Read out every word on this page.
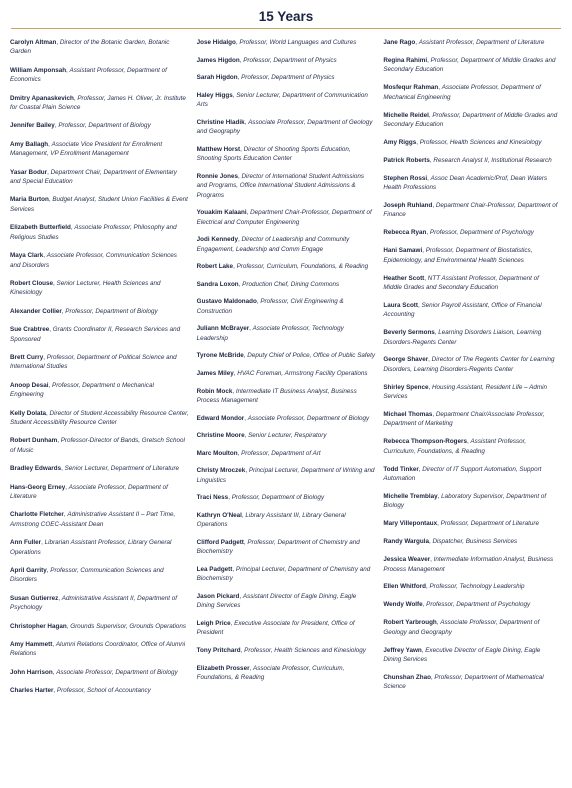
15 Years

Carolyn Altman, Director of the Botanic Garden, Botanic Garden

William Amponsah, Assistant Professor, Department of Economics

Dmitry Apanaskevich, Professor, James H. Oliver, Jr. Institute for Coastal Plain Science

Jennifer Bailey, Professor, Department of Biology

Amy Ballagh, Associate Vice President for Enrollment Management, VP Enrollment Management

Yasar Bodur, Department Chair, Department of Elementary and Special Education

Maria Burton, Budget Analyst, Student Union Facilities & Event Services

Elizabeth Butterfield, Associate Professor, Philosophy and Religious Studies

Maya Clark, Associate Professor, Communication Sciences and Disorders

Robert Clouse, Senior Lecturer, Health Sciences and Kinesiology

Alexander Collier, Professor, Department of Biology

Sue Crabtree, Grants Coordinator II, Research Services and Sponsored

Brett Curry, Professor, Department of Political Science and International Studies

Anoop Desai, Professor, Department o Mechanical Engineering

Kelly Dolata, Director of Student Accessibility Resource Center, Student Accessibility Resource Center

Robert Dunham, Professor-Director of Bands, Gretsch School of Music

Bradley Edwards, Senior Lecturer, Department of Literature

Hans-Georg Erney, Associate Professor, Department of Literature

Charlotte Fletcher, Administrative Assistant II – Part Time, Armstrong COEC-Assistant Dean

Ann Fuller, Librarian Assistant Professor, Library General Operations

April Garrity, Professor, Communication Sciences and Disorders

Susan Gutierrez, Administrative Assistant II, Department of Psychology

Christopher Hagan, Grounds Supervisor, Grounds Operations

Amy Hammett, Alumni Relations Coordinator, Office of Alumni Relations

John Harrison, Associate Professor, Department of Biology

Charles Harter, Professor, School of Accountancy

Jose Hidalgo, Professor, World Languages and Cultures

James Higdon, Professor, Department of Physics

Sarah Higdon, Professor, Department of Physics

Haley Higgs, Senior Lecturer, Department of Communication Arts

Christine Hladik, Associate Professor, Department of Geology and Geography

Matthew Horst, Director of Shooting Sports Education, Shooting Sports Education Center

Ronnie Jones, Director of International Student Admissions and Programs, Office International Student Admissions & Programs

Youakim Kalaani, Department Chair-Professor, Department of Electrical and Computer Engineering

Jodi Kennedy, Director of Leadership and Community Engagement, Leadership and Comm Engage

Robert Lake, Professor, Curriculum, Foundations, & Reading

Sandra Loxon, Production Chef, Dining Commons

Gustavo Maldonado, Professor, Civil Engineering & Construction

Juliann McBrayer, Associate Professor, Technology Leadership

Tyrone McBride, Deputy Chief of Police, Office of Public Safety

James Miley, HVAC Foreman, Armstrong Facility Operations

Robin Mock, Intermediate IT Business Analyst, Business Process Management

Edward Mondor, Associate Professor, Department of Biology

Christine Moore, Senior Lecturer, Respiratory

Marc Moulton, Professor, Department of Art

Christy Mroczek, Principal Lecturer, Department of Writing and Linguistics

Traci Ness, Professor, Department of Biology

Kathryn O'Neal, Library Assistant III, Library General Operations

Clifford Padgett, Professor, Department of Chemistry and Biochemistry

Lea Padgett, Principal Lecturer, Department of Chemistry and Biochemistry

Jason Pickard, Assistant Director of Eagle Dining, Eagle Dining Services

Leigh Price, Executive Associate for President, Office of President

Tony Pritchard, Professor, Health Sciences and Kinesiology

Elizabeth Prosser, Associate Professor, Curriculum, Foundations, & Reading

Jane Rago, Assistant Professor, Department of Literature

Regina Rahimi, Professor, Department of Middle Grades and Secondary Education

Mosfequr Rahman, Associate Professor, Department of Mechanical Engineering

Michelle Reidel, Professor, Department of Middle Grades and Secondary Education

Amy Riggs, Professor, Health Sciences and Kinesiology

Patrick Roberts, Research Analyst II, Institutional Research

Stephen Rossi, Assoc Dean Academic/Prof, Dean Waters Health Professions

Joseph Ruhland, Department Chair-Professor, Department of Finance

Rebecca Ryan, Professor, Department of Psychology

Hani Samawi, Professor, Department of Biostatistics, Epidemiology, and Environmental Health Sciences

Heather Scott, NTT Assistant Professor, Department of Middle Grades and Secondary Education

Laura Scott, Senior Payroll Assistant, Office of Financial Accounting

Beverly Sermons, Learning Disorders Liaison, Learning Disorders-Regents Center

George Shaver, Director of The Regents Center for Learning Disorders, Learning Disorders-Regents Center

Shirley Spence, Housing Assistant, Resident Life – Admin Services

Michael Thomas, Department Chair/Associate Professor, Department of Marketing

Rebecca Thompson-Rogers, Assistant Professor, Curriculum, Foundations, & Reading

Todd Tinker, Director of IT Support Automation, Support Automation

Michelle Tremblay, Laboratory Supervisor, Department of Biology

Mary Villepontaux, Professor, Department of Literature

Randy Wargula, Dispatcher, Business Services

Jessica Weaver, Intermediate Information Analyst, Business Process Management

Ellen Whitford, Professor, Technology Leadership

Wendy Wolfe, Professor, Department of Psychology

Robert Yarbrough, Associate Professor, Department of Geology and Geography

Jeffrey Yawn, Executive Director of Eagle Dining, Eagle Dining Services

Chunshan Zhao, Professor, Department of Mathematical Science
